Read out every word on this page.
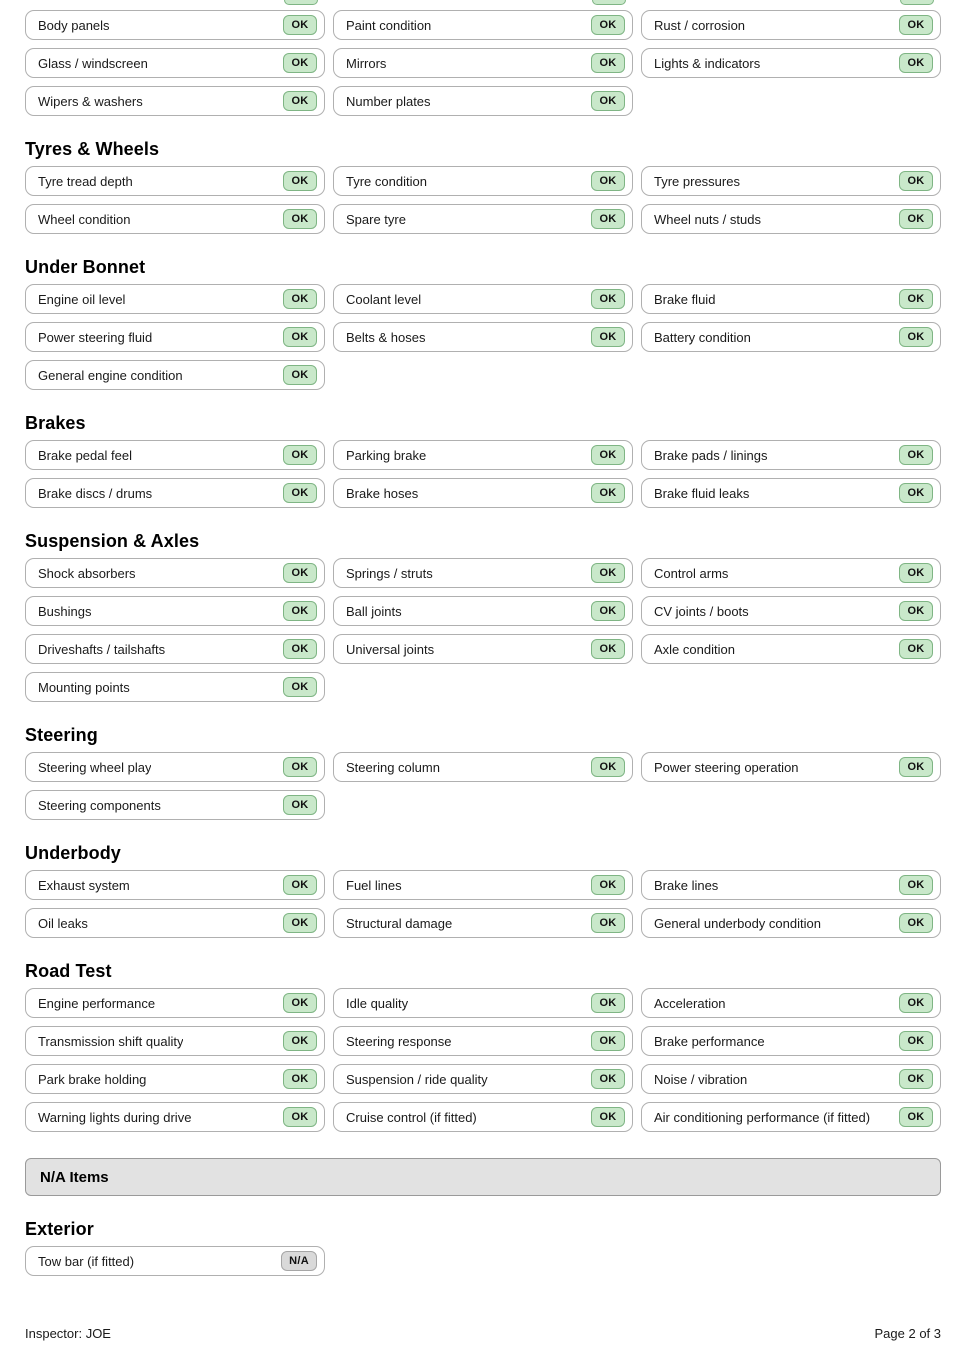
Body panels	OK	Paint condition	OK	Rust / corrosion	OK
Glass / windscreen	OK	Mirrors	OK	Lights & indicators	OK
Wipers & washers	OK	Number plates	OK
Tyres & Wheels
Tyre tread depth	OK	Tyre condition	OK	Tyre pressures	OK
Wheel condition	OK	Spare tyre	OK	Wheel nuts / studs	OK
Under Bonnet
Engine oil level	OK	Coolant level	OK	Brake fluid	OK
Power steering fluid	OK	Belts & hoses	OK	Battery condition	OK
General engine condition	OK
Brakes
Brake pedal feel	OK	Parking brake	OK	Brake pads / linings	OK
Brake discs / drums	OK	Brake hoses	OK	Brake fluid leaks	OK
Suspension & Axles
Shock absorbers	OK	Springs / struts	OK	Control arms	OK
Bushings	OK	Ball joints	OK	CV joints / boots	OK
Driveshafts / tailshafts	OK	Universal joints	OK	Axle condition	OK
Mounting points	OK
Steering
Steering wheel play	OK	Steering column	OK	Power steering operation	OK
Steering components	OK
Underbody
Exhaust system	OK	Fuel lines	OK	Brake lines	OK
Oil leaks	OK	Structural damage	OK	General underbody condition	OK
Road Test
Engine performance	OK	Idle quality	OK	Acceleration	OK
Transmission shift quality	OK	Steering response	OK	Brake performance	OK
Park brake holding	OK	Suspension / ride quality	OK	Noise / vibration	OK
Warning lights during drive	OK	Cruise control (if fitted)	OK	Air conditioning performance (if fitted)	OK
N/A Items
Exterior
Tow bar (if fitted)	N/A
Inspector: JOE	Page 2 of 3
